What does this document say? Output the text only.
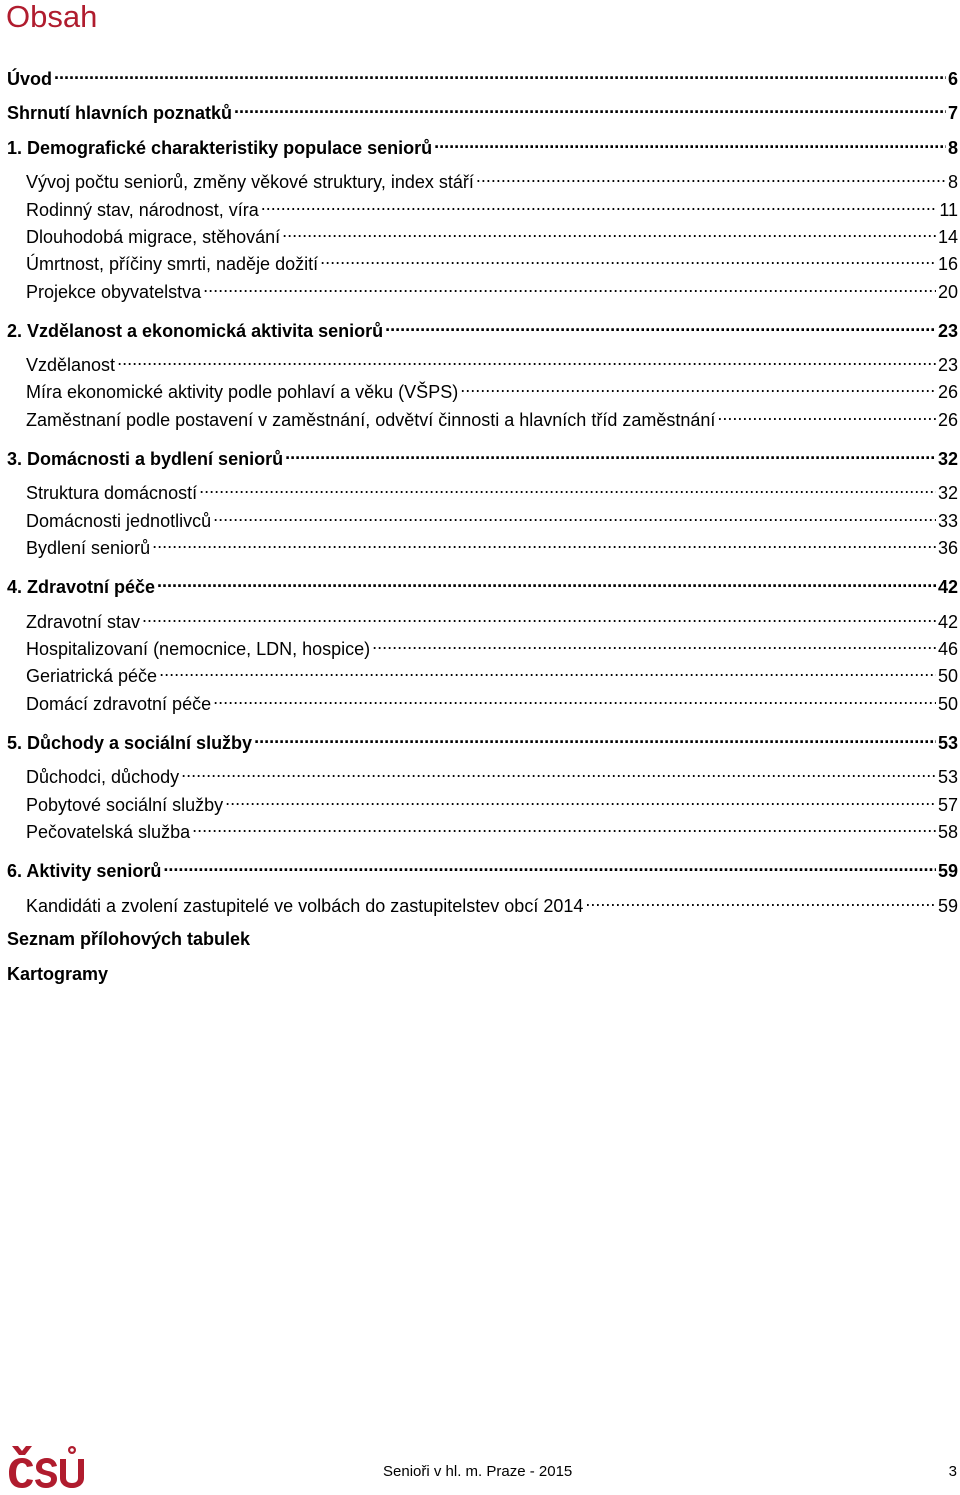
Obsah
Úvod .....	6
Shrnutí hlavních poznatků .....	7
1. Demografické charakteristiky populace seniorů .....	8
Vývoj počtu seniorů, změny věkové struktury, index stáří .....	8
Rodinný stav, národnost, víra .....	11
Dlouhodobá migrace, stěhování .....	14
Úmrtnost, příčiny smrti, naděje dožití .....	16
Projekce obyvatelstva .....	20
2. Vzdělanost a ekonomická aktivita seniorů .....	23
Vzdělanost .....	23
Míra ekonomické aktivity podle pohlaví a věku (VŠPS) .....	26
Zaměstnaní podle postavení v zaměstnání, odvětví činnosti a hlavních tříd zaměstnání .....	26
3. Domácnosti a bydlení seniorů .....	32
Struktura domácností .....	32
Domácnosti jednotlivců .....	33
Bydlení seniorů .....	36
4. Zdravotní péče .....	42
Zdravotní stav .....	42
Hospitalizovaní (nemocnice, LDN, hospice) .....	46
Geriatrická péče .....	50
Domácí zdravotní péče .....	50
5. Důchody a sociální služby .....	53
Důchodci, důchody .....	53
Pobytové sociální služby .....	57
Pečovatelská služba .....	58
6. Aktivity seniorů .....	59
Kandidáti a zvolení zastupitelé ve volbách do zastupitelstev obcí 2014 .....	59
Seznam přílohových tabulek
Kartogramy
Senioři v hl. m. Praze - 2015	3
